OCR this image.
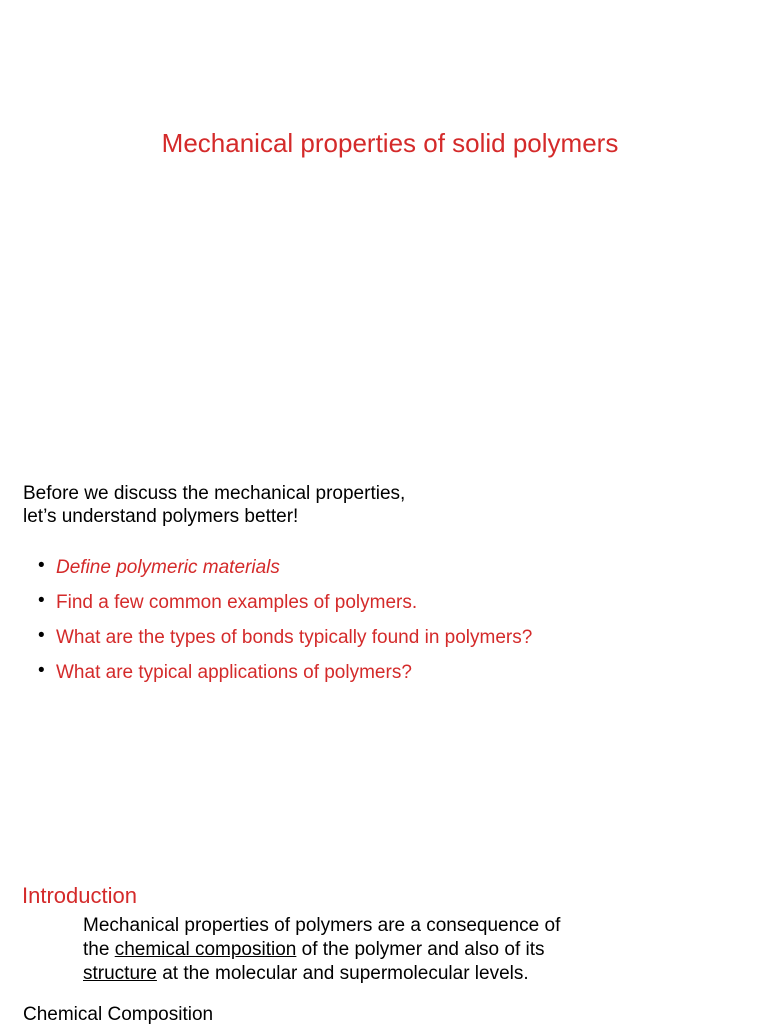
Mechanical properties of solid polymers
Before we discuss the mechanical properties,
let’s understand polymers better!
• Define polymeric materials
• Find a few common examples of polymers.
• What are the types of bonds typically found in polymers?
• What are typical applications of polymers?
Introduction
Mechanical properties of polymers are a consequence of
the chemical composition of the polymer and also of its
structure at the molecular and supermolecular levels.
Chemical Composition
